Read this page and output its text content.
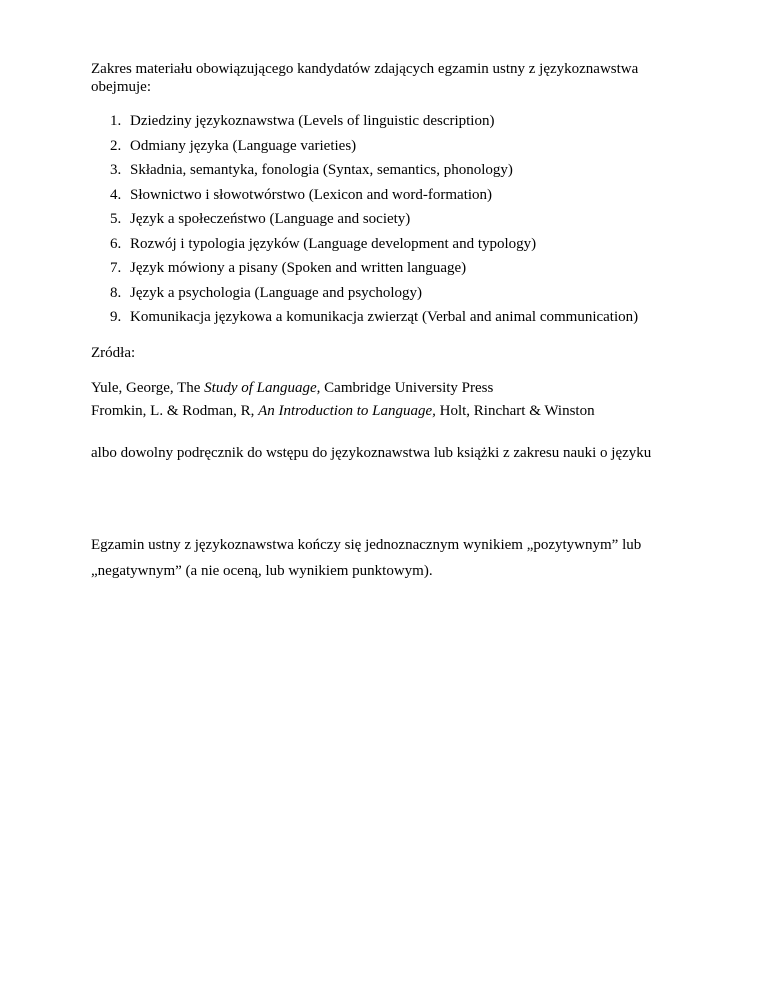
Zakres materiału obowiązującego kandydatów zdających egzamin ustny z językoznawstwa
obejmuje:
1. Dziedziny językoznawstwa (Levels of linguistic description)
2. Odmiany języka (Language varieties)
3. Składnia, semantyka, fonologia (Syntax, semantics, phonology)
4. Słownictwo i słowotwórstwo (Lexicon and word-formation)
5. Język a społeczeństwo (Language and society)
6. Rozwój i typologia języków (Language development and typology)
7. Język mówiony a pisany (Spoken and written language)
8. Język a psychologia (Language and psychology)
9. Komunikacja językowa a komunikacja zwierząt (Verbal and animal communication)
Zródła:
Yule, George, The Study of Language, Cambridge University Press
Fromkin, L. & Rodman, R, An Introduction to Language, Holt, Rinchart & Winston
albo dowolny podręcznik do wstępu do językoznawstwa lub książki z zakresu nauki o języku
Egzamin ustny z językoznawstwa kończy się jednoznacznym wynikiem „pozytywnym” lub
„negatywnym” (a nie oceną, lub wynikiem punktowym).
